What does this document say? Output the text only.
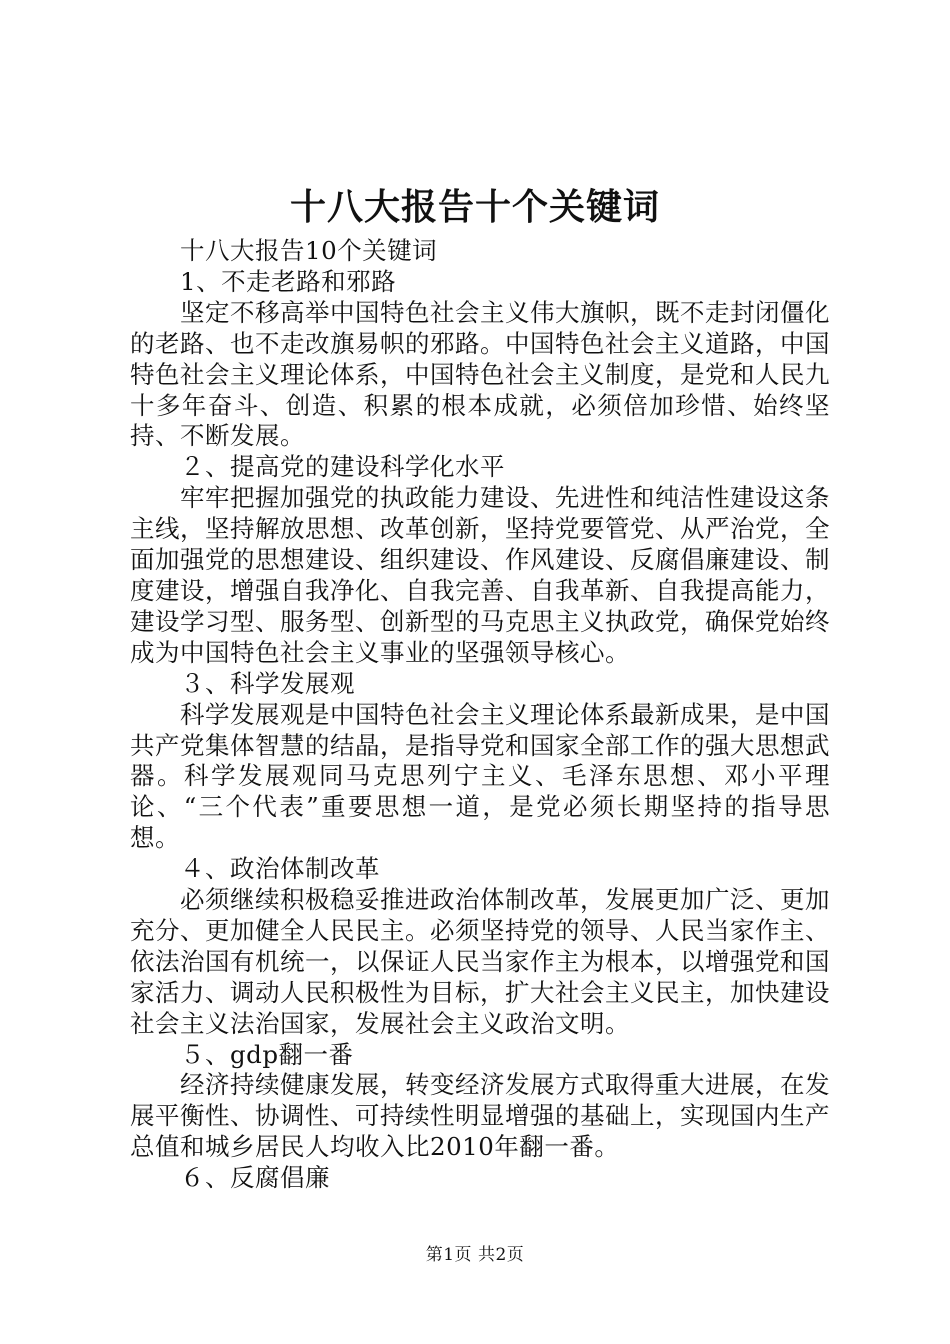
十八大报告十个关键词

十八大报告10个关键词

1、不走老路和邪路

坚定不移高举中国特色社会主义伟大旗帜，既不走封闭僵化的老路、也不走改旗易帜的邪路。中国特色社会主义道路，中国特色社会主义理论体系，中国特色社会主义制度，是党和人民九十多年奋斗、创造、积累的根本成就，必须倍加珍惜、始终坚持、不断发展。

２、提高党的建设科学化水平

牢牢把握加强党的执政能力建设、先进性和纯洁性建设这条主线，坚持解放思想、改革创新，坚持党要管党、从严治党，全面加强党的思想建设、组织建设、作风建设、反腐倡廉建设、制度建设，增强自我净化、自我完善、自我革新、自我提高能力，建设学习型、服务型、创新型的马克思主义执政党，确保党始终成为中国特色社会主义事业的坚强领导核心。

３、科学发展观

科学发展观是中国特色社会主义理论体系最新成果，是中国共产党集体智慧的结晶，是指导党和国家全部工作的强大思想武器。科学发展观同马克思列宁主义、毛泽东思想、邓小平理论、“三个代表”重要思想一道，是党必须长期坚持的指导思想。

４、政治体制改革

必须继续积极稳妥推进政治体制改革，发展更加广泛、更加充分、更加健全人民民主。必须坚持党的领导、人民当家作主、依法治国有机统一，以保证人民当家作主为根本，以增强党和国家活力、调动人民积极性为目标，扩大社会主义民主，加快建设社会主义法治国家，发展社会主义政治文明。

５、gdp翻一番

经济持续健康发展，转变经济发展方式取得重大进展，在发展平衡性、协调性、可持续性明显增强的基础上，实现国内生产总值和城乡居民人均收入比2010年翻一番。

６、反腐倡廉

第1页 共2页
